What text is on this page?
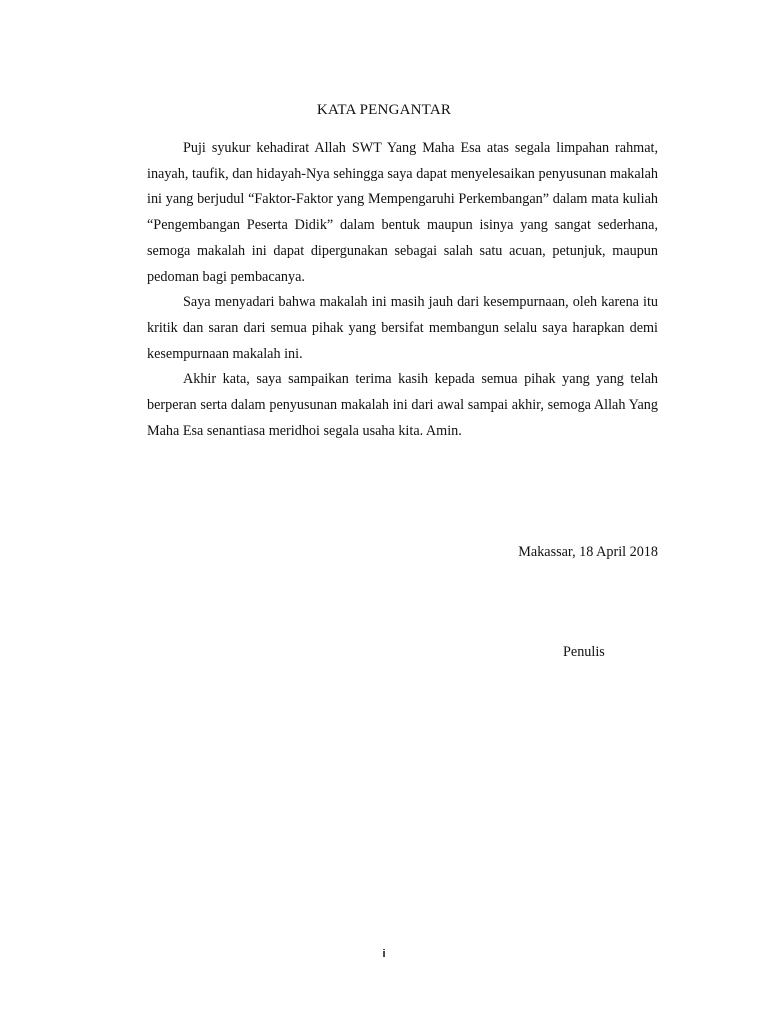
KATA PENGANTAR

Puji syukur kehadirat Allah SWT Yang Maha Esa atas segala limpahan rahmat, inayah, taufik, dan hidayah-Nya sehingga saya dapat menyelesaikan penyusunan makalah ini yang berjudul “Faktor-Faktor yang Mempengaruhi Perkembangan” dalam mata kuliah “Pengembangan Peserta Didik” dalam bentuk maupun isinya yang sangat sederhana, semoga makalah ini dapat dipergunakan sebagai salah satu acuan, petunjuk, maupun pedoman bagi pembacanya.

Saya menyadari bahwa makalah ini masih jauh dari kesempurnaan, oleh karena itu kritik dan saran dari semua pihak yang bersifat membangun selalu saya harapkan demi kesempurnaan makalah ini.

Akhir kata, saya sampaikan terima kasih kepada semua pihak yang yang telah berperan serta dalam penyusunan makalah ini dari awal sampai akhir, semoga Allah Yang Maha Esa senantiasa meridhoi segala usaha kita. Amin.

Makassar, 18 April 2018
Penulis
i
